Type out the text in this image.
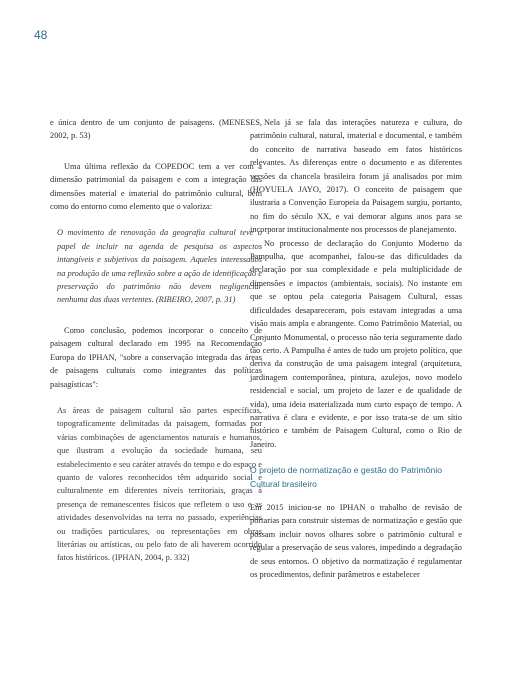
48

e única dentro de um conjunto de paisagens. (MENESES, 2002, p. 53)

Uma última reflexão da COPEDOC tem a ver com a dimensão patrimonial da paisagem e com a integração das dimensões material e imaterial do patrimônio cultural, bem como do entorno como elemento que o valoriza:

O movimento de renovação da geografia cultural teve o papel de incluir na agenda de pesquisa os aspectos intangíveis e subjetivos da paisagem. Aqueles interessados na produção de uma reflexão sobre a ação de identificação e preservação do patrimônio não devem negligenciar nenhuma das duas vertentes. (RIBEIRO, 2007, p. 31)

Como conclusão, podemos incorporar o conceito de paisagem cultural declarado em 1995 na Recomendação Europa do IPHAN, "sobre a conservação integrada das áreas de paisagens culturais como integrantes das políticas paisagísticas":

As áreas de paisagem cultural são partes específicas, topograficamente delimitadas da paisagem, formadas por várias combinações de agenciamentos naturais e humanos, que ilustram a evolução da sociedade humana, seu estabelecimento e seu caráter através do tempo e do espaço e quanto de valores reconhecidos têm adquirido social e culturalmente em diferentes níveis territoriais, graças à presença de remanescentes físicos que refletem o uso e as atividades desenvolvidas na terra no passado, experiências ou tradições particulares, ou representações em obras literárias ou artísticas, ou pelo fato de ali haverem ocorrido fatos históricos. (IPHAN, 2004, p. 332)

Nela já se fala das interações natureza e cultura, do patrimônio cultural, natural, imaterial e documental, e também do conceito de narrativa baseado em fatos históricos relevantes. As diferenças entre o documento e as diferentes versões da chancela brasileira foram já analisados por mim (HOYUELA JAYO, 2017). O conceito de paisagem que ilustraria a Convenção Europeia da Paisagem surgiu, portanto, no fim do século XX, e vai demorar alguns anos para se incorporar institucionalmente nos processos de planejamento.

No processo de declaração do Conjunto Moderno da Pampulha, que acompanhei, falou-se das dificuldades da declaração por sua complexidade e pela multiplicidade de dimensões e impactos (ambientais, sociais). No instante em que se optou pela categoria Paisagem Cultural, essas dificuldades desapareceram, pois estavam integradas a uma visão mais ampla e abrangente. Como Patrimônio Material, ou Conjunto Monumental, o processo não teria seguramente dado tão certo. A Pampulha é antes de tudo um projeto político, que deriva da construção de uma paisagem integral (arquitetura, jardinagem contemporânea, pintura, azulejos, novo modelo residencial e social, um projeto de lazer e de qualidade de vida), uma ideia materializada num curto espaço de tempo. A narrativa é clara e evidente, e por isso trata-se de um sítio histórico e também de Paisagem Cultural, como o Rio de Janeiro.

O projeto de normatização e gestão do Patrimônio Cultural brasileiro

Em 2015 iniciou-se no IPHAN o trabalho de revisão de portarias para construir sistemas de normatização e gestão que possam incluir novos olhares sobre o patrimônio cultural e regular a preservação de seus valores, impedindo a degradação de seus entornos. O objetivo da normatização é regulamentar os procedimentos, definir parâmetros e estabelecer
